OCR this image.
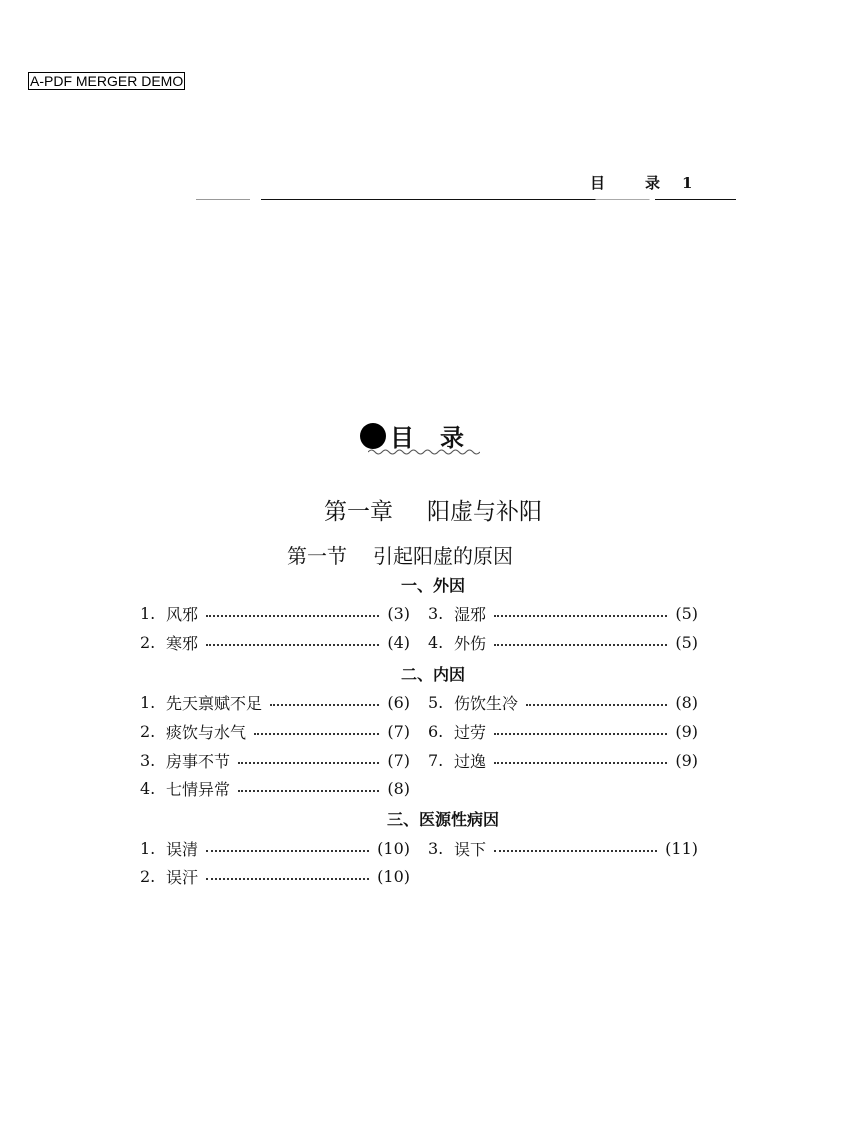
A-PDF MERGER DEMO
目	录 1
目 录
第一章 阳虚与补阳
第一节 引起阳虚的原因
一、外因
二、内因
三、医源性病因
1. 风邪	(3)
2. 寒邪	(4)
3. 湿邪	(5)
4. 外伤	(5)
1. 先天禀赋不足	(6)
2. 痰饮与水气	(7)
3. 房事不节	(7)
4. 七情异常	(8)
5. 伤饮生冷	(8)
6. 过劳	(9)
7. 过逸	(9)
1. 误清	(10)
2. 误汗	(10)
3. 误下	(11)
